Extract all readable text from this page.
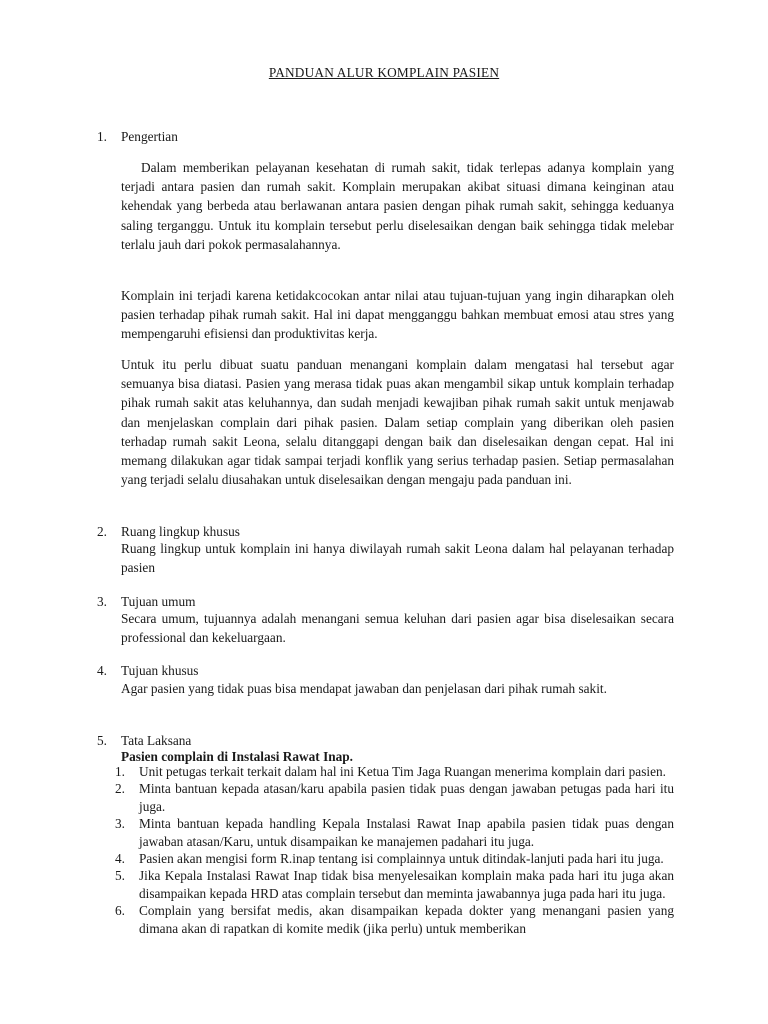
PANDUAN ALUR KOMPLAIN PASIEN
1. Pengertian

Dalam memberikan pelayanan kesehatan di rumah sakit, tidak terlepas adanya komplain yang terjadi antara pasien dan rumah sakit. Komplain merupakan akibat situasi dimana keinginan atau kehendak yang berbeda atau berlawanan antara pasien dengan pihak rumah sakit, sehingga keduanya saling terganggu. Untuk itu komplain tersebut perlu diselesaikan dengan baik sehingga tidak melebar terlalu jauh dari pokok permasalahannya.

Komplain ini terjadi karena ketidakcocokan antar nilai atau tujuan-tujuan yang ingin diharapkan oleh pasien terhadap pihak rumah sakit. Hal ini dapat mengganggu bahkan membuat emosi atau stres yang mempengaruhi efisiensi dan produktivitas kerja.

Untuk itu perlu dibuat suatu panduan menangani komplain dalam mengatasi hal tersebut agar semuanya bisa diatasi. Pasien yang merasa tidak puas akan mengambil sikap untuk komplain terhadap pihak rumah sakit atas keluhannya, dan sudah menjadi kewajiban pihak rumah sakit untuk menjawab dan menjelaskan complain dari pihak pasien. Dalam setiap complain yang diberikan oleh pasien terhadap rumah sakit Leona, selalu ditanggapi dengan baik dan diselesaikan dengan cepat. Hal ini memang dilakukan agar tidak sampai terjadi konflik yang serius terhadap pasien. Setiap permasalahan yang terjadi selalu diusahakan untuk diselesaikan dengan mengaju pada panduan ini.

2. Ruang lingkup khusus

Ruang lingkup untuk komplain ini hanya diwilayah rumah sakit Leona dalam hal pelayanan terhadap pasien

3. Tujuan umum

Secara umum, tujuannya adalah menangani semua keluhan dari pasien agar bisa diselesaikan secara professional dan kekeluargaan.

4. Tujuan khusus

Agar pasien yang tidak puas bisa mendapat jawaban dan penjelasan dari pihak rumah sakit.

5. Tata Laksana
Pasien complain di Instalasi Rawat Inap.
1. Unit petugas terkait terkait dalam hal ini Ketua Tim Jaga Ruangan menerima komplain dari pasien.
2. Minta bantuan kepada atasan/karu apabila pasien tidak puas dengan jawaban petugas pada hari itu juga.
3. Minta bantuan kepada handling Kepala Instalasi Rawat Inap apabila pasien tidak puas dengan jawaban atasan/Karu, untuk disampaikan ke manajemen padahari itu juga.
4. Pasien akan mengisi form R.inap tentang isi complainnya untuk ditindak-lanjuti pada hari itu juga.
5. Jika Kepala Instalasi Rawat Inap tidak bisa menyelesaikan komplain maka pada hari itu juga akan disampaikan kepada HRD atas complain tersebut dan meminta jawabannya juga pada hari itu juga.
6. Complain yang bersifat medis, akan disampaikan kepada dokter yang menangani pasien yang dimana akan di rapatkan di komite medik (jika perlu) untuk memberikan
